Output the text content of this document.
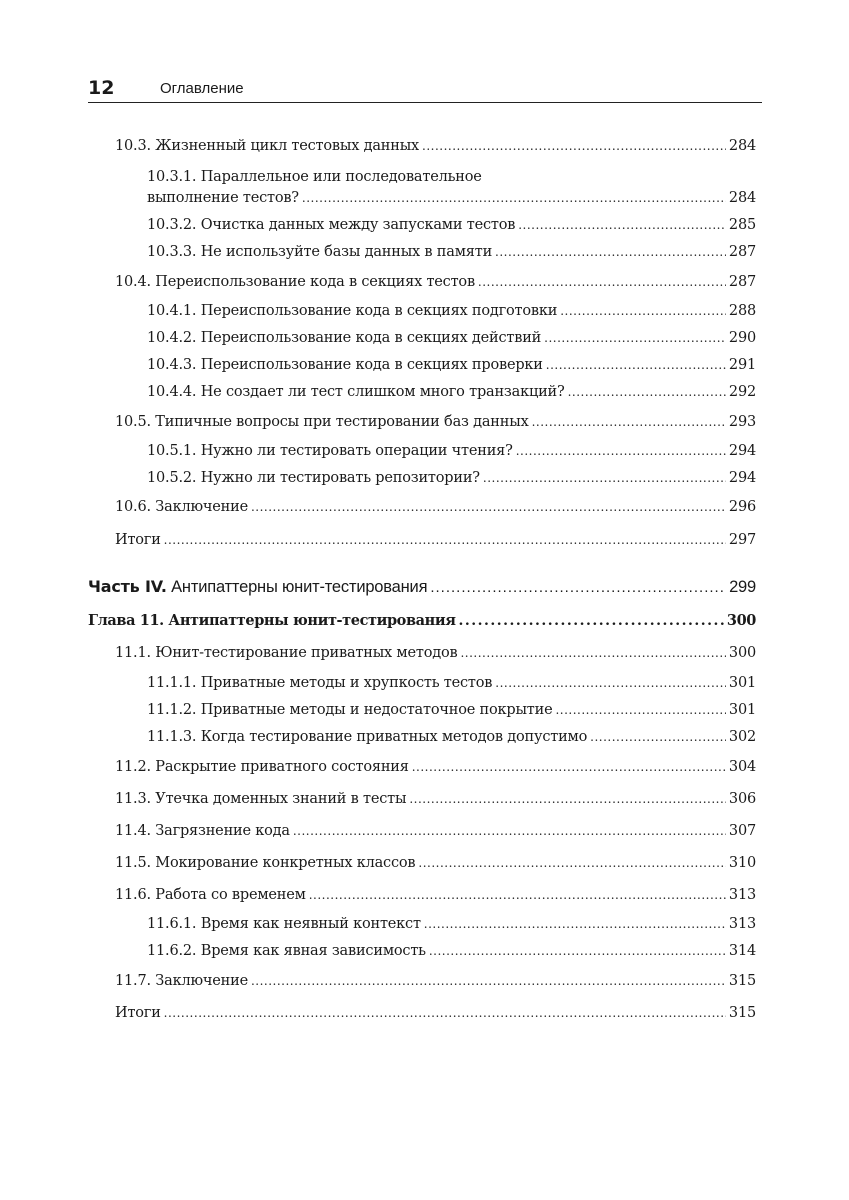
12	Оглавление
10.3. Жизненный цикл тестовых данных .....	284
10.3.1. Параллельное или последовательное
выполнение тестов? .....	284
10.3.2. Очистка данных между запусками тестов .....	285
10.3.3. Не используйте базы данных в памяти .....	287
10.4. Переиспользование кода в секциях тестов .....	287
10.4.1. Переиспользование кода в секциях подготовки .....	288
10.4.2. Переиспользование кода в секциях действий .....	290
10.4.3. Переиспользование кода в секциях проверки .....	291
10.4.4. Не создает ли тест слишком много транзакций? .....	292
10.5. Типичные вопросы при тестировании баз данных .....	293
10.5.1. Нужно ли тестировать операции чтения? .....	294
10.5.2. Нужно ли тестировать репозитории? .....	294
10.6. Заключение .....	296
Итоги .....	297
Часть IV. Антипаттерны юнит-тестирования .....	299
Глава 11. Антипаттерны юнит-тестирования .....	300
11.1. Юнит-тестирование приватных методов .....	300
11.1.1. Приватные методы и хрупкость тестов .....	301
11.1.2. Приватные методы и недостаточное покрытие .....	301
11.1.3. Когда тестирование приватных методов допустимо .....	302
11.2. Раскрытие приватного состояния .....	304
11.3. Утечка доменных знаний в тесты .....	306
11.4. Загрязнение кода .....	307
11.5. Мокирование конкретных классов .....	310
11.6. Работа со временем .....	313
11.6.1. Время как неявный контекст .....	313
11.6.2. Время как явная зависимость .....	314
11.7. Заключение .....	315
Итоги .....	315
